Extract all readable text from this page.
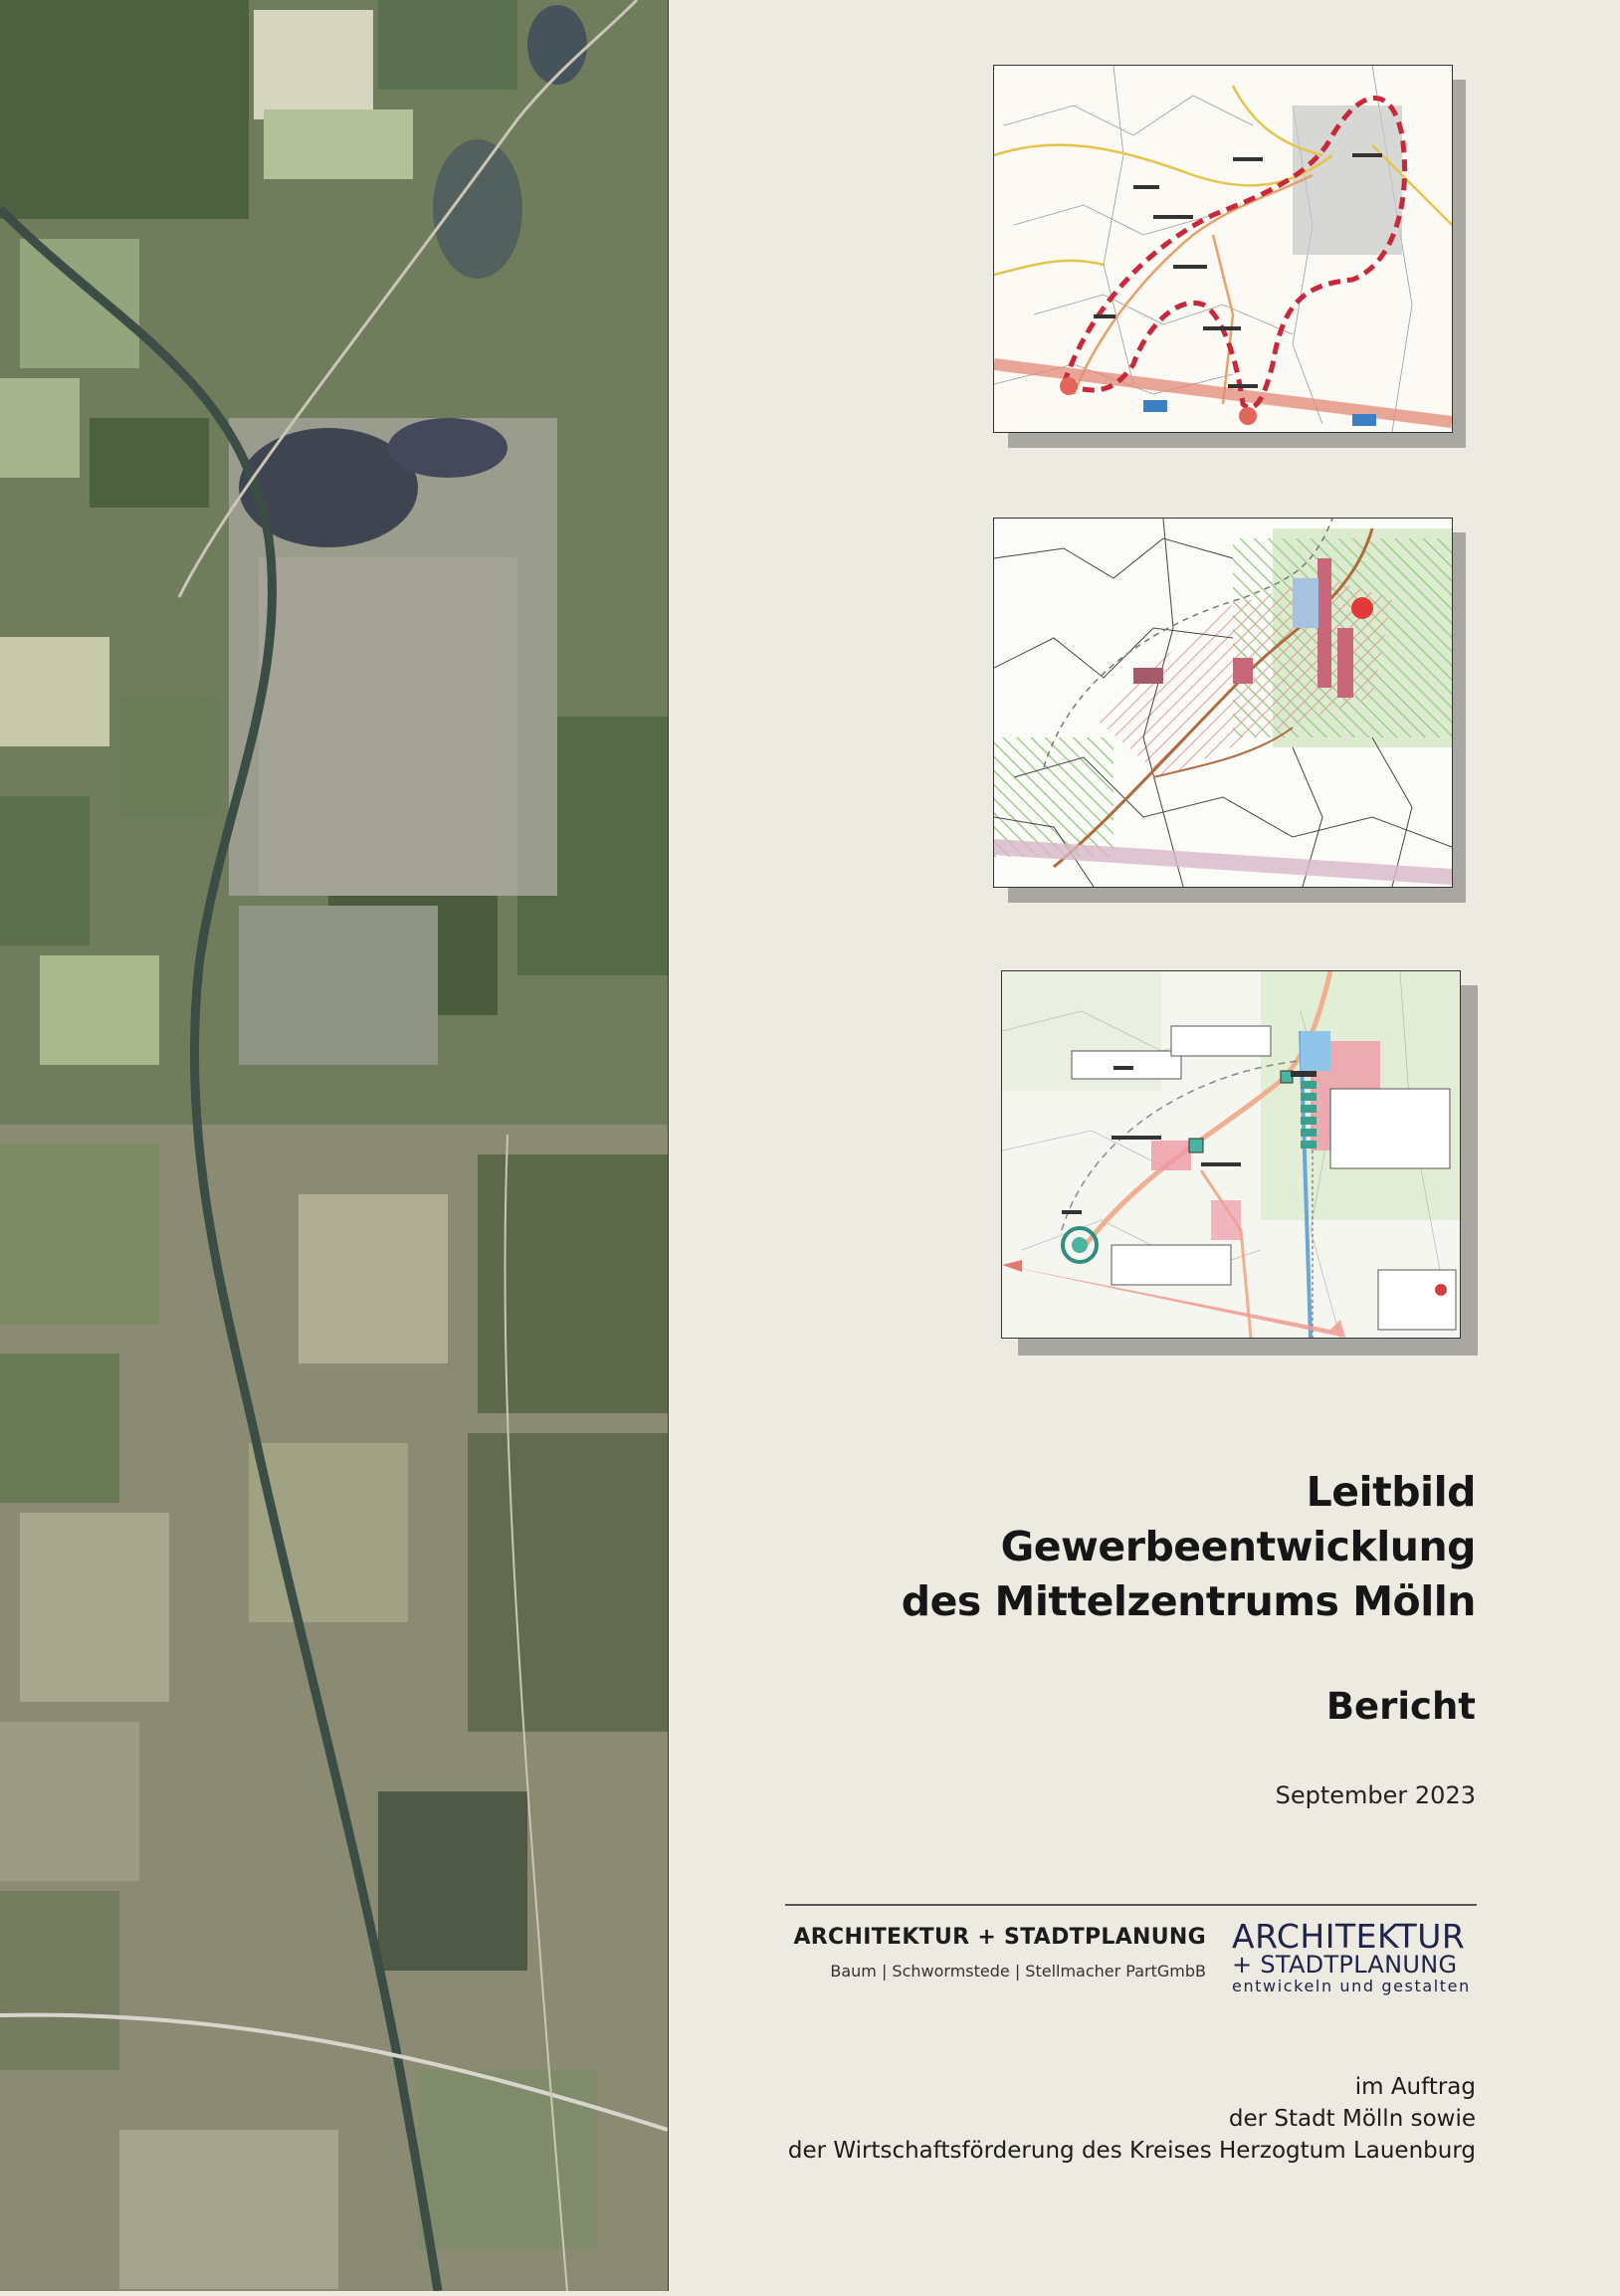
Leitbild
Gewerbeentwicklung
des Mittelzentrums Mölln
Bericht
September 2023
ARCHITEKTUR + STADTPLANUNG
Baum | Schwormstede | Stellmacher PartGmbB
ARCHITEKTUR
+ STADTPLANUNG
entwickeln und gestalten
im Auftrag
der Stadt Mölln sowie
der Wirtschaftsförderung des Kreises Herzogtum Lauenburg
